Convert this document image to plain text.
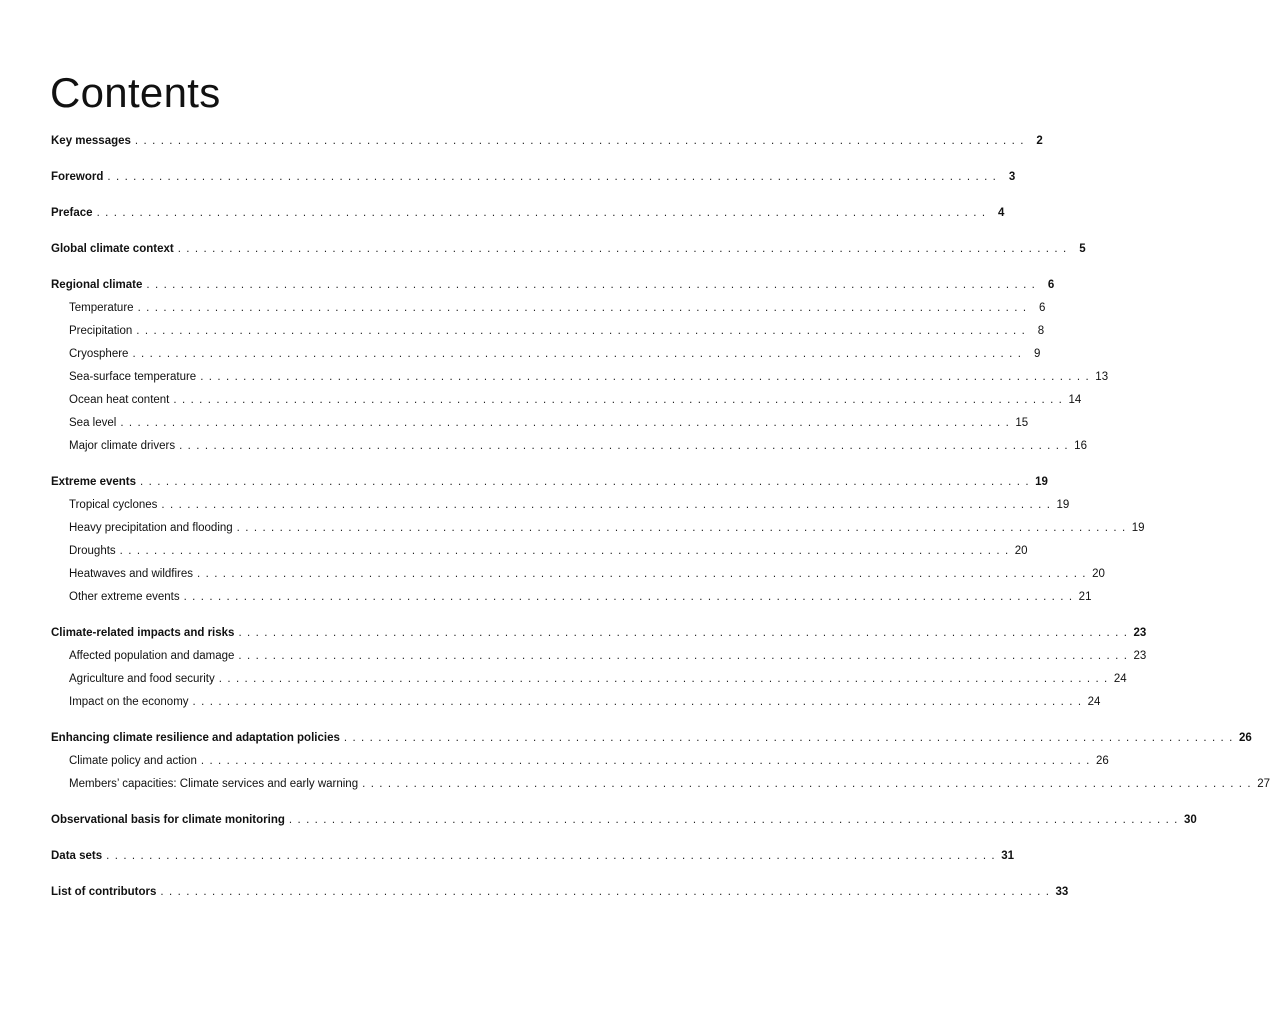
Contents
Key messages ........................................................................................................ 2
Foreword ........................................................................................................ 3
Preface ........................................................................................................ 4
Global climate context ........................................................................................................ 5
Regional climate ........................................................................................................ 6
Temperature ........................................................................................................ 6
Precipitation ........................................................................................................ 8
Cryosphere ........................................................................................................ 9
Sea-surface temperature ........................................................................................................ 13
Ocean heat content ........................................................................................................ 14
Sea level ........................................................................................................ 15
Major climate drivers ........................................................................................................ 16
Extreme events ........................................................................................................ 19
Tropical cyclones ........................................................................................................ 19
Heavy precipitation and flooding ........................................................................................................ 19
Droughts ........................................................................................................ 20
Heatwaves and wildfires ........................................................................................................ 20
Other extreme events ........................................................................................................ 21
Climate-related impacts and risks ........................................................................................................ 23
Affected population and damage ........................................................................................................ 23
Agriculture and food security ........................................................................................................ 24
Impact on the economy ........................................................................................................ 24
Enhancing climate resilience and adaptation policies ........................................................................................................ 26
Climate policy and action ........................................................................................................ 26
Members’ capacities: Climate services and early warning ........................................................................................................ 27
Observational basis for climate monitoring ........................................................................................................ 30
Data sets ........................................................................................................ 31
List of contributors ........................................................................................................ 33
